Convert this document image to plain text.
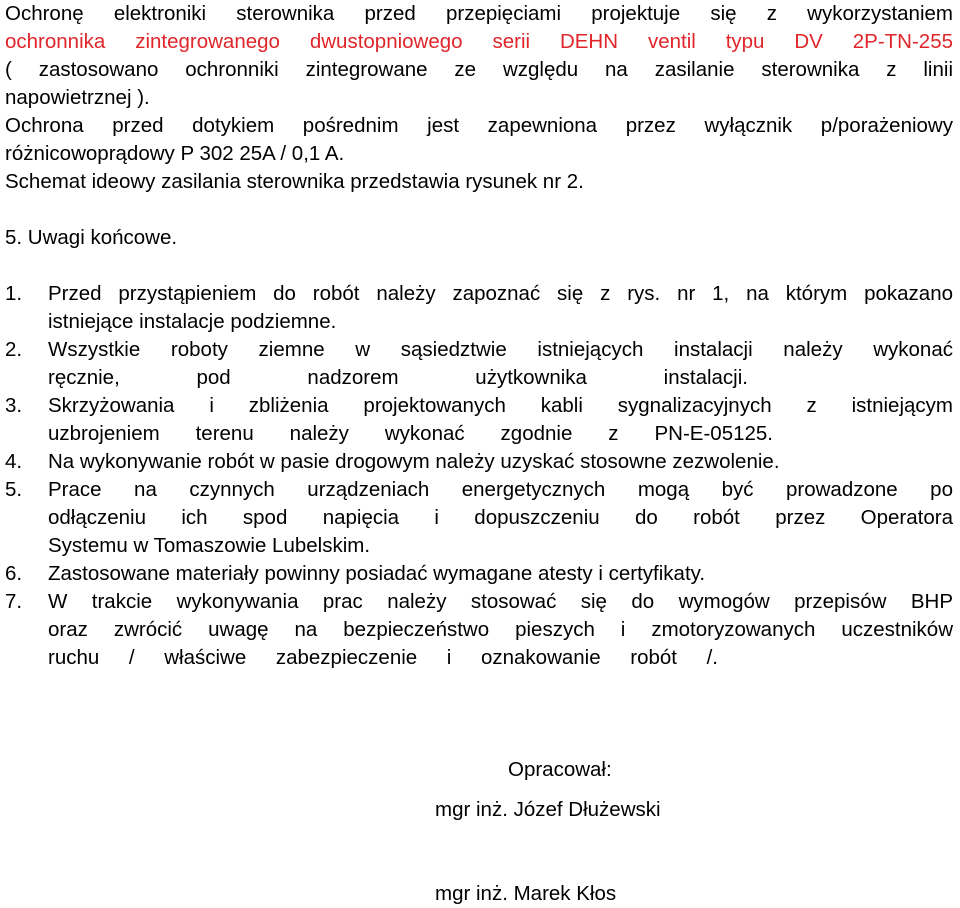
Ochronę elektroniki sterownika przed przepięciami projektuje się z wykorzystaniem
ochronnika zintegrowanego dwustopniowego serii DEHN ventil typu DV 2P-TN-255
( zastosowano ochronniki zintegrowane ze względu na zasilanie sterownika z linii
napowietrznej ).
Ochrona przed dotykiem pośrednim jest zapewniona przez wyłącznik p/porażeniowy
różnicowoprądowy P 302 25A / 0,1 A.
Schemat ideowy zasilania sterownika przedstawia rysunek nr 2.
5. Uwagi końcowe.
1. Przed przystąpieniem do robót należy zapoznać się z rys. nr 1, na którym pokazano
istniejące instalacje podziemne.
2. Wszystkie roboty ziemne w sąsiedztwie istniejących instalacji należy wykonać
ręcznie, pod nadzorem użytkownika instalacji.
3. Skrzyżowania i zbliżenia projektowanych kabli sygnalizacyjnych z istniejącym
uzbrojeniem terenu należy wykonać zgodnie z PN-E-05125.
4. Na wykonywanie robót w pasie drogowym należy uzyskać stosowne zezwolenie.
5. Prace na czynnych urządzeniach energetycznych mogą być prowadzone po
odłączeniu ich spod napięcia i dopuszczeniu do robót przez Operatora
Systemu w Tomaszowie Lubelskim.
6. Zastosowane materiały powinny posiadać wymagane atesty i certyfikaty.
7. W trakcie wykonywania prac należy stosować się do wymogów przepisów BHP
oraz zwrócić uwagę na bezpieczeństwo pieszych i zmotoryzowanych uczestników
ruchu / właściwe zabezpieczenie i oznakowanie robót /.
Opracował:
mgr inż. Józef Dłużewski
mgr inż. Marek Kłos
